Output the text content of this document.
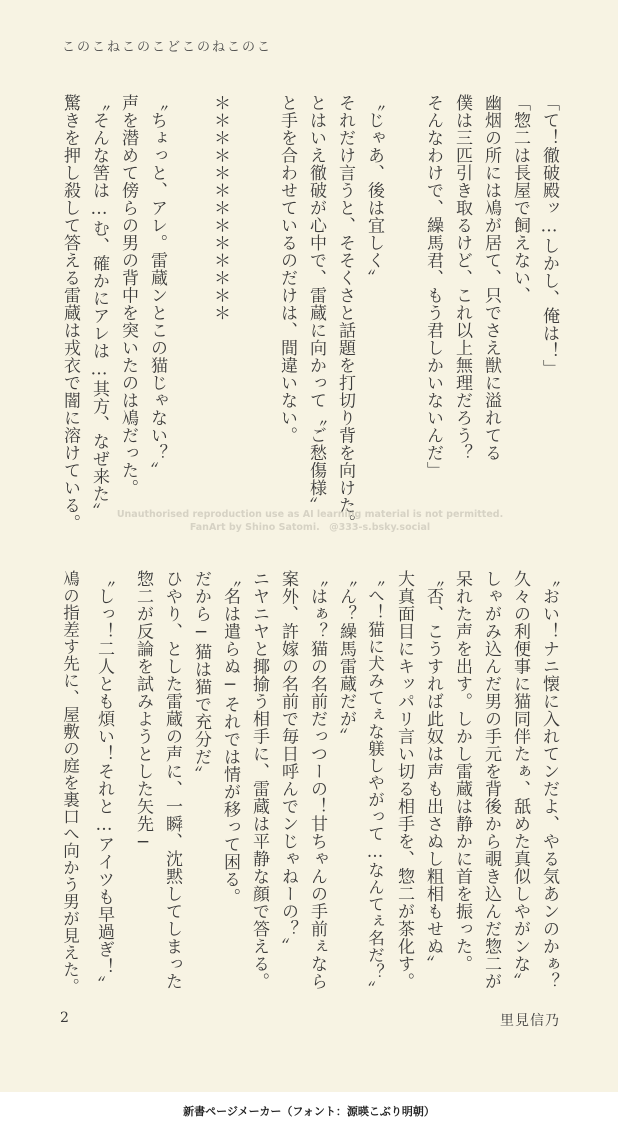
このこねこのこどこのねこのこ
「て！徹破殿ッ…しかし、俺は！」
「惣二は長屋で飼えない、
幽烟の所には鳰が居て、只でさえ獣に溢れてる
僕は三匹引き取るけど、これ以上無理だろう？
そんなわけで、繰馬君、もう君しかいないんだ」
〝じゃあ、後は宜しく〟
それだけ言うと、そそくさと話題を打切り背を向けた。
とはいえ徹破が心中で、雷蔵に向かって〝ご愁傷様〟
と手を合わせているのだけは、間違いない。
＊＊＊＊＊＊＊＊＊＊＊＊＊
〝ちょっと、アレ。雷蔵ンとこの猫じゃない？〟
声を潜めて傍らの男の背中を突いたのは鳰だった。
〝そんな筈は…む、確かにアレは…其方、なぜ来た〟
驚きを押し殺して答える雷蔵は戎衣で闇に溶けている。	Unauthorised reproduction use as AI learning material is not permitted.
FanArt by Shino Satomi.　@333-s.bsky.social
〝おい！ナニ懐に入れてンだよ、やる気あンのかぁ？
久々の利便事に猫同伴たぁ、舐めた真似しやがンな〟
しゃがみ込んだ男の手元を背後から覗き込んだ惣二が
呆れた声を出す。しかし雷蔵は静かに首を振った。
〝否、こうすれば此奴は声も出さぬし粗相もせぬ〟
大真面目にキッパリ言い切る相手を、惣二が茶化す。
〝へ！猫に犬みてぇな躾しやがって…なんてぇ名だ？〟
〝ん？繰馬雷蔵だが〟
〝はぁ？猫の名前だっつーの！甘ちゃんの手前ぇなら
案外、許嫁の名前で毎日呼んでンじゃねーの？〟
ニヤニヤと揶揄う相手に、雷蔵は平静な顔で答える。
〝名は遣らぬ─それでは情が移って困る。
だから─猫は猫で充分だ〟
ひやり、とした雷蔵の声に、一瞬、沈黙してしまった
惣二が反論を試みようとした矢先─
〝しっ！二人とも煩い！それと…アイツも早過ぎ！〟
鳰の指差す先に、屋敷の庭を裏口へ向かう男が見えた。
2	里見信乃
新書ページメーカー（フォント：源暎こぶり明朝）
